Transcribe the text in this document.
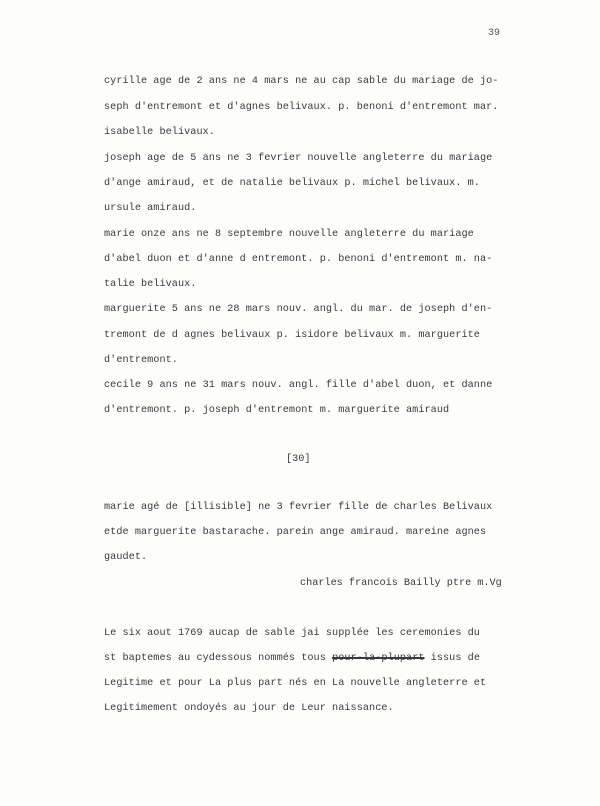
39
cyrille age de 2 ans ne 4 mars ne au cap sable du mariage de jo-
seph d'entremont et d'agnes belivaux. p. benoni d'entremont mar.
isabelle belivaux.
joseph age de 5 ans ne 3 fevrier nouvelle angleterre du mariage
d'ange amiraud, et de natalie belivaux p. michel belivaux. m.
ursule amiraud.
marie onze ans ne 8 septembre nouvelle angleterre du mariage
d'abel duon et d'anne d entremont. p. benoni d'entremont m. na-
talie belivaux.
marguerite 5 ans ne 28 mars nouv. angl. du mar. de joseph d'en-
tremont de d agnes belivaux p. isidore belivaux m. marguerite
d'entremont.
cecile 9 ans ne 31 mars nouv. angl. fille d'abel duon, et danne
d'entremont. p. joseph d'entremont m. marguerite amiraud
[30]
marie agé de [illisible] ne 3 fevrier fille de charles Belivaux
etde marguerite bastarache. parein ange amiraud. mareine agnes
gaudet.
charles francois Bailly ptre m.Vg
Le six aout 1769 aucap de sable jai supplée les ceremonies du
st baptemes au cydessous nommés tous pour-la-plupart issus de
Legitime et pour La plus part nés en La nouvelle angleterre et
Legitimement ondoyés au jour de Leur naissance.
